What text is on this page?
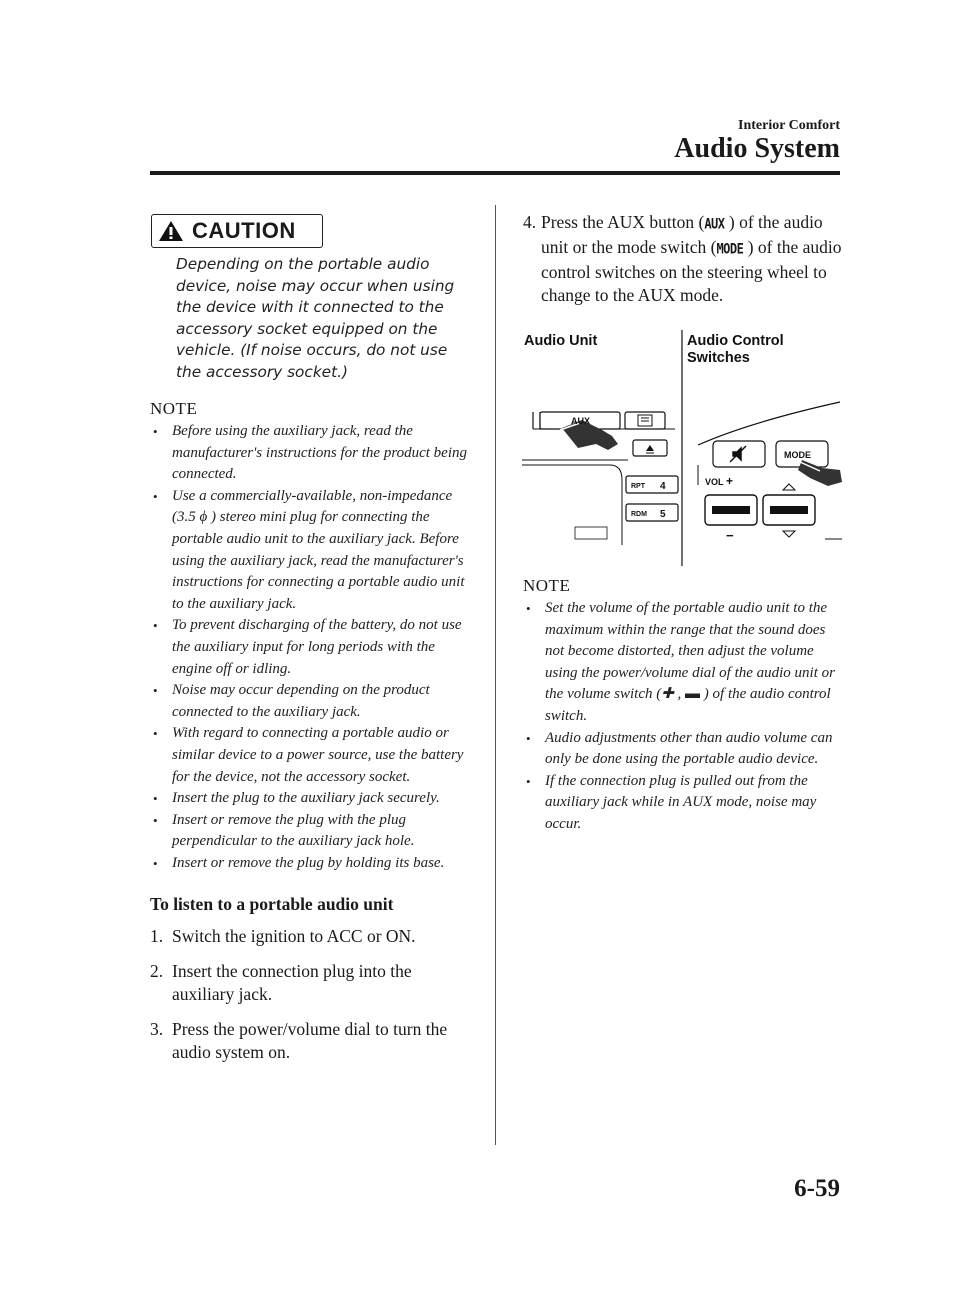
Interior Comfort
Audio System
CAUTION
Depending on the portable audio device, noise may occur when using the device with it connected to the accessory socket equipped on the vehicle. (If noise occurs, do not use the accessory socket.)
NOTE
• Before using the auxiliary jack, read the manufacturer's instructions for the product being connected.
• Use a commercially-available, non-impedance (3.5 ϕ ) stereo mini plug for connecting the portable audio unit to the auxiliary jack. Before using the auxiliary jack, read the manufacturer's instructions for connecting a portable audio unit to the auxiliary jack.
• To prevent discharging of the battery, do not use the auxiliary input for long periods with the engine off or idling.
• Noise may occur depending on the product connected to the auxiliary jack.
• With regard to connecting a portable audio or similar device to a power source, use the battery for the device, not the accessory socket.
• Insert the plug to the auxiliary jack securely.
• Insert or remove the plug with the plug perpendicular to the auxiliary jack hole.
• Insert or remove the plug by holding its base.
To listen to a portable audio unit
1. Switch the ignition to ACC or ON.
2. Insert the connection plug into the auxiliary jack.
3. Press the power/volume dial to turn the audio system on.
4. Press the AUX button (AUX ) of the audio unit or the mode switch (MODE ) of the audio control switches on the steering wheel to change to the AUX mode.
Audio Unit	Audio Control
Switches
AUX
RPT 4
RDM 5
MODE
VOL +
−
NOTE
• Set the volume of the portable audio unit to the maximum within the range that the sound does not become distorted, then adjust the volume using the power/volume dial of the audio unit or the volume switch (✚ , ▬ ) of the audio control switch.
• Audio adjustments other than audio volume can only be done using the portable audio device.
• If the connection plug is pulled out from the auxiliary jack while in AUX mode, noise may occur.
6-59
